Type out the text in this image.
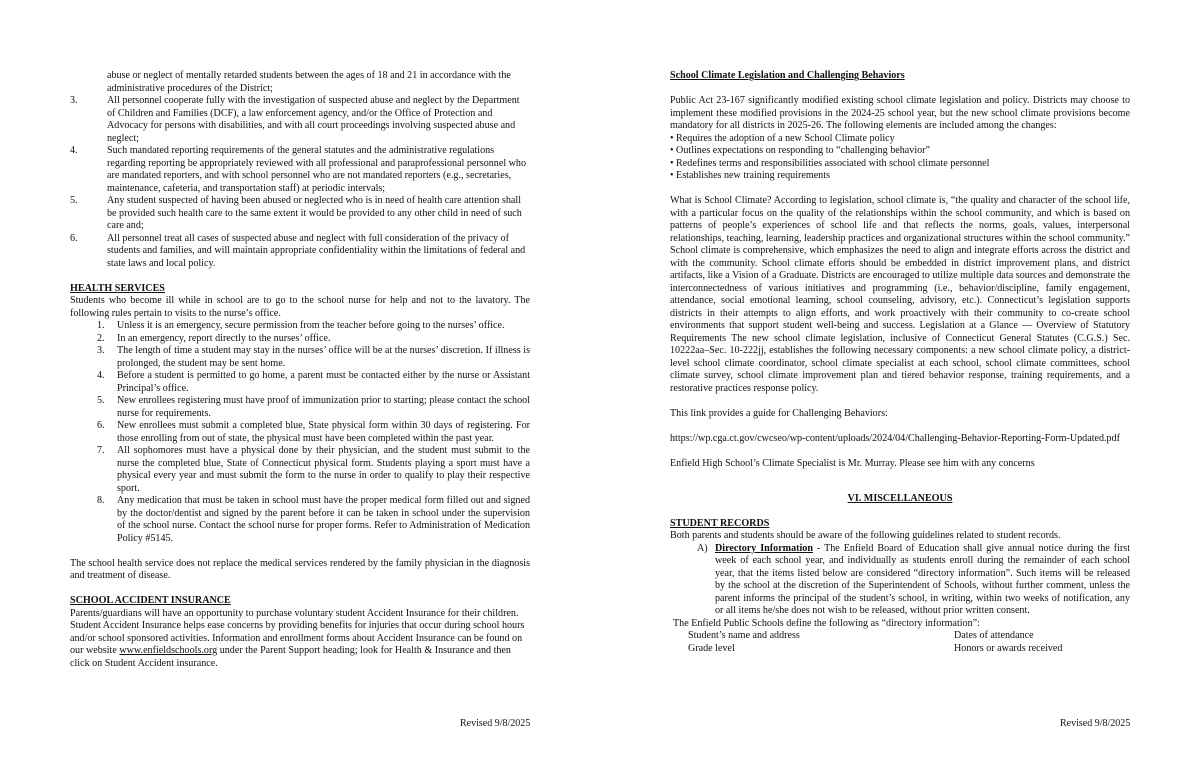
abuse or neglect of mentally retarded students between the ages of 18 and 21 in accordance with the administrative procedures of the District;

3.	All personnel cooperate fully with the investigation of suspected abuse and neglect by the Department of Children and Families (DCF), a law enforcement agency, and/or the Office of Protection and Advocacy for persons with disabilities, and with all court proceedings involving suspected abuse and neglect;
4.	Such mandated reporting requirements of the general statutes and the administrative regulations regarding reporting be appropriately reviewed with all professional and paraprofessional personnel who are mandated reporters, and with school personnel who are not mandated reporters (e.g., secretaries, maintenance, cafeteria, and transportation staff) at periodic intervals;
5.	Any student suspected of having been abused or neglected who is in need of health care attention shall be provided such health care to the same extent it would be provided to any other child in need of such care and;
6.	All personnel treat all cases of suspected abuse and neglect with full consideration of the privacy of students and families, and will maintain appropriate confidentiality within the limitations of federal and state laws and local policy.

HEALTH SERVICES

Students who become ill while in school are to go to the school nurse for help and not to the lavatory. The following rules pertain to visits to the nurse’s office.

1.	Unless it is an emergency, secure permission from the teacher before going to the nurses’ office.
2.	In an emergency, report directly to the nurses’ office.
3.	The length of time a student may stay in the nurses’ office will be at the nurses’ discretion. If illness is prolonged, the student may be sent home.
4.	Before a student is permitted to go home, a parent must be contacted either by the nurse or Assistant Principal’s office.
5.	New enrollees registering must have proof of immunization prior to starting; please contact the school nurse for requirements.
6.	New enrollees must submit a completed blue, State physical form within 30 days of registering. For those enrolling from out of state, the physical must have been completed within the past year.
7.	All sophomores must have a physical done by their physician, and the student must submit to the nurse the completed blue, State of Connecticut physical form. Students playing a sport must have a physical every year and must submit the form to the nurse in order to qualify to play their respective sport.
8.	Any medication that must be taken in school must have the proper medical form filled out and signed by the doctor/dentist and signed by the parent before it can be taken in school under the supervision of the school nurse. Contact the school nurse for proper forms. Refer to Administration of Medication Policy #5145.

The school health service does not replace the medical services rendered by the family physician in the diagnosis and treatment of disease.

SCHOOL ACCIDENT INSURANCE

Parents/guardians will have an opportunity to purchase voluntary student Accident Insurance for their children. Student Accident Insurance helps ease concerns by providing benefits for injuries that occur during school hours and/or school sponsored activities. Information and enrollment forms about Accident Insurance can be found on our website www.enfieldschools.org under the Parent Support heading; look for Health & Insurance and then click on Student Accident insurance.

Revised 9/8/2025

School Climate Legislation and Challenging Behaviors

Public Act 23-167 significantly modified existing school climate legislation and policy. Districts may choose to implement these modified provisions in the 2024-25 school year, but the new school climate provisions become mandatory for all districts in 2025-26. The following elements are included among the changes:

• Requires the adoption of a new School Climate policy

• Outlines expectations on responding to “challenging behavior”

• Redefines terms and responsibilities associated with school climate personnel

• Establishes new training requirements

What is School Climate? According to legislation, school climate is, “the quality and character of the school life, with a particular focus on the quality of the relationships within the school community, and which is based on patterns of people’s experiences of school life and that reflects the norms, goals, values, interpersonal relationships, teaching, learning, leadership practices and organizational structures within the school community.” School climate is comprehensive, which emphasizes the need to align and integrate efforts across the district and with the community. School climate efforts should be embedded in district improvement plans, and district artifacts, like a Vision of a Graduate. Districts are encouraged to utilize multiple data sources and demonstrate the interconnectedness of various initiatives and programming (i.e., behavior/discipline, family engagement, attendance, social emotional learning, school counseling, advisory, etc.). Connecticut’s legislation supports districts in their attempts to align efforts, and work proactively with their community to co-create school environments that support student well-being and success. Legislation at a Glance — Overview of Statutory Requirements The new school climate legislation, inclusive of Connecticut General Statutes (C.G.S.) Sec. 10222aa–Sec. 10-222jj, establishes the following necessary components: a new school climate policy, a district-level school climate coordinator, school climate specialist at each school, school climate committees, school climate survey, school climate improvement plan and tiered behavior response, training requirements, and a restorative practices response policy.

This link provides a guide for Challenging Behaviors:

https://wp.cga.ct.gov/cwcseo/wp-content/uploads/2024/04/Challenging-Behavior-Reporting-Form-Updated.pdf

Enfield High School’s Climate Specialist is Mr. Murray. Please see him with any concerns

VI. MISCELLANEOUS

STUDENT RECORDS

Both parents and students should be aware of the following guidelines related to student records.

A) Directory Information - The Enfield Board of Education shall give annual notice during the first week of each school year, and individually as students enroll during the remainder of each school year, that the items listed below are considered “directory information”. Such items will be released by the school at the discretion of the Superintendent of Schools, without further comment, unless the parent informs the principal of the student’s school, in writing, within two weeks of notification, any or all items he/she does not wish to be released, without prior written consent.

The Enfield Public Schools define the following as “directory information”:

Student’s name and address	Dates of attendance
Grade level	Honors or awards received
Revised 9/8/2025
